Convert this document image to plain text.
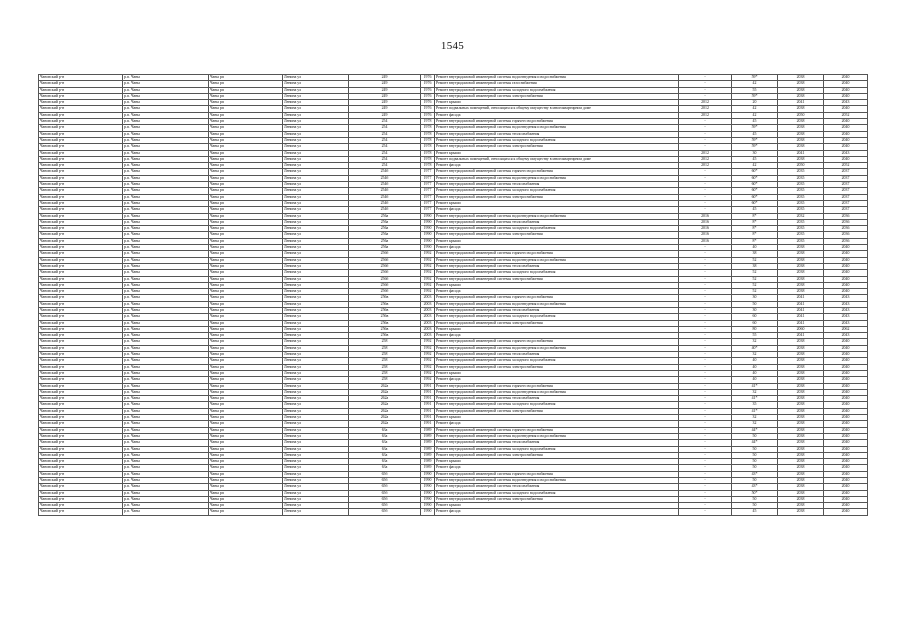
1545
Чановский р-н	р.п. Чаны	Чаны рп	Ленина ул	249	1976	Ремонт внутридомовой инженерной системы водоотведения и водоснабжения	-	59*	2038	2040
Чановский р-н	р.п. Чаны	Чаны рп	Ленина ул	249	1976	Ремонт внутридомовой инженерной системы газоснабжения	-	42	2038	2040
Чановский р-н	р.п. Чаны	Чаны рп	Ленина ул	249	1976	Ремонт внутридомовой инженерной системы холодного водоснабжения	-	55	2038	2040
Чановский р-н	р.п. Чаны	Чаны рп	Ленина ул	249	1976	Ремонт внутридомовой инженерной системы электроснабжения	-	59*	2038	2040
Чановский р-н	р.п. Чаны	Чаны рп	Ленина ул	249	1976	Ремонт крыши	2012	20	2041	2043
Чановский р-н	р.п. Чаны	Чаны рп	Ленина ул	249	1976	Ремонт подвальных помещений, относящихся к общему имуществу в многоквартирном доме	2012	42	2038	2040
Чановский р-н	р.п. Чаны	Чаны рп	Ленина ул	249	1976	Ремонт фасада	2012	42	2050	2052
Чановский р-н	р.п. Чаны	Чаны рп	Ленина ул	254	1978	Ремонт внутридомовой инженерной системы горячего водоснабжения	-	45	2038	2040
Чановский р-н	р.п. Чаны	Чаны рп	Ленина ул	254	1978	Ремонт внутридомовой инженерной системы водоотведения и водоснабжения	-	59*	2038	2040
Чановский р-н	р.п. Чаны	Чаны рп	Ленина ул	254	1978	Ремонт внутридомовой инженерной системы теплоснабжения	-	45	2038	2040
Чановский р-н	р.п. Чаны	Чаны рп	Ленина ул	254	1978	Ремонт внутридомовой инженерной системы холодного водоснабжения	-	59*	2038	2040
Чановский р-н	р.п. Чаны	Чаны рп	Ленина ул	254	1978	Ремонт внутридомовой инженерной системы электроснабжения	-	59*	2038	2040
Чановский р-н	р.п. Чаны	Чаны рп	Ленина ул	254	1978	Ремонт крыши	2012	30	2041	2043
Чановский р-н	р.п. Чаны	Чаны рп	Ленина ул	254	1978	Ремонт подвальных помещений, относящихся к общему имуществу в многоквартирном доме	2012	45	2038	2040
Чановский р-н	р.п. Чаны	Чаны рп	Ленина ул	254	1978	Ремонт фасада	2012	42	2050	2052
Чановский р-н	р.п. Чаны	Чаны рп	Ленина ул	254б	1977	Ремонт внутридомовой инженерной системы горячего водоснабжения	-	60*	2035	2037
Чановский р-н	р.п. Чаны	Чаны рп	Ленина ул	254б	1977	Ремонт внутридомовой инженерной системы водоотведения и водоснабжения	-	60*	2035	2037
Чановский р-н	р.п. Чаны	Чаны рп	Ленина ул	254б	1977	Ремонт внутридомовой инженерной системы теплоснабжения	-	60*	2035	2037
Чановский р-н	р.п. Чаны	Чаны рп	Ленина ул	254б	1977	Ремонт внутридомовой инженерной системы холодного водоснабжения	-	60*	2035	2037
Чановский р-н	р.п. Чаны	Чаны рп	Ленина ул	254б	1977	Ремонт внутридомовой инженерной системы электроснабжения	-	60*	2035	2037
Чановский р-н	р.п. Чаны	Чаны рп	Ленина ул	254б	1977	Ремонт крыши	-	60*	2035	2037
Чановский р-н	р.п. Чаны	Чаны рп	Ленина ул	254б	1977	Ремонт фасада	-	45	2035	2037
Чановский р-н	р.п. Чаны	Чаны рп	Ленина ул	256a	1990	Ремонт внутридомовой инженерной системы водоотведения и водоснабжения	2016	8*	2032	2036
Чановский р-н	р.п. Чаны	Чаны рп	Ленина ул	256a	1990	Ремонт внутридомовой инженерной системы теплоснабжения	2016	8*	2035	2036
Чановский р-н	р.п. Чаны	Чаны рп	Ленина ул	256a	1990	Ремонт внутридомовой инженерной системы холодного водоснабжения	2016	8*	2035	2036
Чановский р-н	р.п. Чаны	Чаны рп	Ленина ул	256a	1990	Ремонт внутридомовой инженерной системы электроснабжения	2016	8*	2035	2036
Чановский р-н	р.п. Чаны	Чаны рп	Ленина ул	256a	1990	Ремонт крыши	2016	8*	2035	2036
Чановский р-н	р.п. Чаны	Чаны рп	Ленина ул	256a	1990	Ремонт фасада	-	40	2038	2040
Чановский р-н	р.п. Чаны	Чаны рп	Ленина ул	256б	1992	Ремонт внутридомовой инженерной системы горячего водоснабжения	-	38	2038	2040
Чановский р-н	р.п. Чаны	Чаны рп	Ленина ул	256б	1992	Ремонт внутридомовой инженерной системы водоотведения и водоснабжения	-	52	2038	2040
Чановский р-н	р.п. Чаны	Чаны рп	Ленина ул	256б	1992	Ремонт внутридомовой инженерной системы теплоснабжения	-	38	2038	2040
Чановский р-н	р.п. Чаны	Чаны рп	Ленина ул	256б	1992	Ремонт внутридомовой инженерной системы холодного водоснабжения	-	52	2038	2040
Чановский р-н	р.п. Чаны	Чаны рп	Ленина ул	256б	1992	Ремонт внутридомовой инженерной системы электроснабжения	-	52	2038	2040
Чановский р-н	р.п. Чаны	Чаны рп	Ленина ул	256б	1992	Ремонт крыши	-	52	2038	2040
Чановский р-н	р.п. Чаны	Чаны рп	Ленина ул	256б	1992	Ремонт фасада	-	52	2038	2040
Чановский р-н	р.п. Чаны	Чаны рп	Ленина ул	256в	2003	Ремонт внутридомовой инженерной системы горячего водоснабжения	-	30	2041	2043
Чановский р-н	р.п. Чаны	Чаны рп	Ленина ул	256в	2003	Ремонт внутридомовой инженерной системы водоотведения и водоснабжения	-	50	2041	2043
Чановский р-н	р.п. Чаны	Чаны рп	Ленина ул	256в	2003	Ремонт внутридомовой инженерной системы теплоснабжения	-	30	2041	2043
Чановский р-н	р.п. Чаны	Чаны рп	Ленина ул	256в	2003	Ремонт внутридомовой инженерной системы холодного водоснабжения	-	60	2041	2043
Чановский р-н	р.п. Чаны	Чаны рп	Ленина ул	256в	2003	Ремонт внутридомовой инженерной системы электроснабжения	-	60	2041	2043
Чановский р-н	р.п. Чаны	Чаны рп	Ленина ул	256в	2003	Ремонт крыши	-	80	2060	2062
Чановский р-н	р.п. Чаны	Чаны рп	Ленина ул	256в	2003	Ремонт фасада	-	55	2041	2043
Чановский р-н	р.п. Чаны	Чаны рп	Ленина ул	258	1992	Ремонт внутридомовой инженерной системы горячего водоснабжения	-	32	2038	2040
Чановский р-н	р.п. Чаны	Чаны рп	Ленина ул	258	1992	Ремонт внутридомовой инженерной системы водоотведения и водоснабжения	-	40*	2038	2040
Чановский р-н	р.п. Чаны	Чаны рп	Ленина ул	258	1992	Ремонт внутридомовой инженерной системы теплоснабжения	-	32	2038	2040
Чановский р-н	р.п. Чаны	Чаны рп	Ленина ул	258	1992	Ремонт внутридомовой инженерной системы холодного водоснабжения	-	40	2038	2040
Чановский р-н	р.п. Чаны	Чаны рп	Ленина ул	258	1992	Ремонт внутридомовой инженерной системы электроснабжения	-	40	2038	2040
Чановский р-н	р.п. Чаны	Чаны рп	Ленина ул	258	1992	Ремонт крыши	-	40	2038	2040
Чановский р-н	р.п. Чаны	Чаны рп	Ленина ул	258	1992	Ремонт фасада	-	40	2038	2040
Чановский р-н	р.п. Чаны	Чаны рп	Ленина ул	262a	1991	Ремонт внутридомовой инженерной системы горячего водоснабжения	-	41*	2038	2040
Чановский р-н	р.п. Чаны	Чаны рп	Ленина ул	262a	1991	Ремонт внутридомовой инженерной системы водоотведения и водоснабжения	-	32	2038	2040
Чановский р-н	р.п. Чаны	Чаны рп	Ленина ул	262a	1991	Ремонт внутридомовой инженерной системы теплоснабжения	-	41*	2038	2040
Чановский р-н	р.п. Чаны	Чаны рп	Ленина ул	262a	1991	Ремонт внутридомовой инженерной системы холодного водоснабжения	-	35	2038	2040
Чановский р-н	р.п. Чаны	Чаны рп	Ленина ул	262a	1991	Ремонт внутридомовой инженерной системы электроснабжения	-	41*	2038	2040
Чановский р-н	р.п. Чаны	Чаны рп	Ленина ул	262a	1991	Ремонт крыши	-	32	2038	2040
Чановский р-н	р.п. Чаны	Чаны рп	Ленина ул	262a	1991	Ремонт фасада	-	32	2038	2040
Чановский р-н	р.п. Чаны	Чаны рп	Ленина ул	63a	1989	Ремонт внутридомовой инженерной системы горячего водоснабжения	-	44*	2038	2040
Чановский р-н	р.п. Чаны	Чаны рп	Ленина ул	63a	1989	Ремонт внутридомовой инженерной системы водоотведения и водоснабжения	-	50	2038	2040
Чановский р-н	р.п. Чаны	Чаны рп	Ленина ул	63a	1989	Ремонт внутридомовой инженерной системы теплоснабжения	-	44*	2038	2040
Чановский р-н	р.п. Чаны	Чаны рп	Ленина ул	63a	1989	Ремонт внутридомовой инженерной системы холодного водоснабжения	-	50	2038	2040
Чановский р-н	р.п. Чаны	Чаны рп	Ленина ул	63a	1989	Ремонт внутридомовой инженерной системы электроснабжения	-	50	2038	2040
Чановский р-н	р.п. Чаны	Чаны рп	Ленина ул	63a	1989	Ремонт крыши	-	50	2038	2040
Чановский р-н	р.п. Чаны	Чаны рп	Ленина ул	63a	1989	Ремонт фасада	-	50	2038	2040
Чановский р-н	р.п. Чаны	Чаны рп	Ленина ул	65б	1990	Ремонт внутридомовой инженерной системы горячего водоснабжения	-	43*	2038	2040
Чановский р-н	р.п. Чаны	Чаны рп	Ленина ул	65б	1990	Ремонт внутридомовой инженерной системы водоотведения и водоснабжения	-	50	2038	2040
Чановский р-н	р.п. Чаны	Чаны рп	Ленина ул	65б	1990	Ремонт внутридомовой инженерной системы теплоснабжения	-	43*	2038	2040
Чановский р-н	р.п. Чаны	Чаны рп	Ленина ул	65б	1990	Ремонт внутридомовой инженерной системы холодного водоснабжения	-	50*	2038	2040
Чановский р-н	р.п. Чаны	Чаны рп	Ленина ул	65б	1990	Ремонт внутридомовой инженерной системы электроснабжения	-	50	2038	2040
Чановский р-н	р.п. Чаны	Чаны рп	Ленина ул	65б	1990	Ремонт крыши	-	50	2038	2040
Чановский р-н	р.п. Чаны	Чаны рп	Ленина ул	65б	1990	Ремонт фасада	-	45	2038	2040
